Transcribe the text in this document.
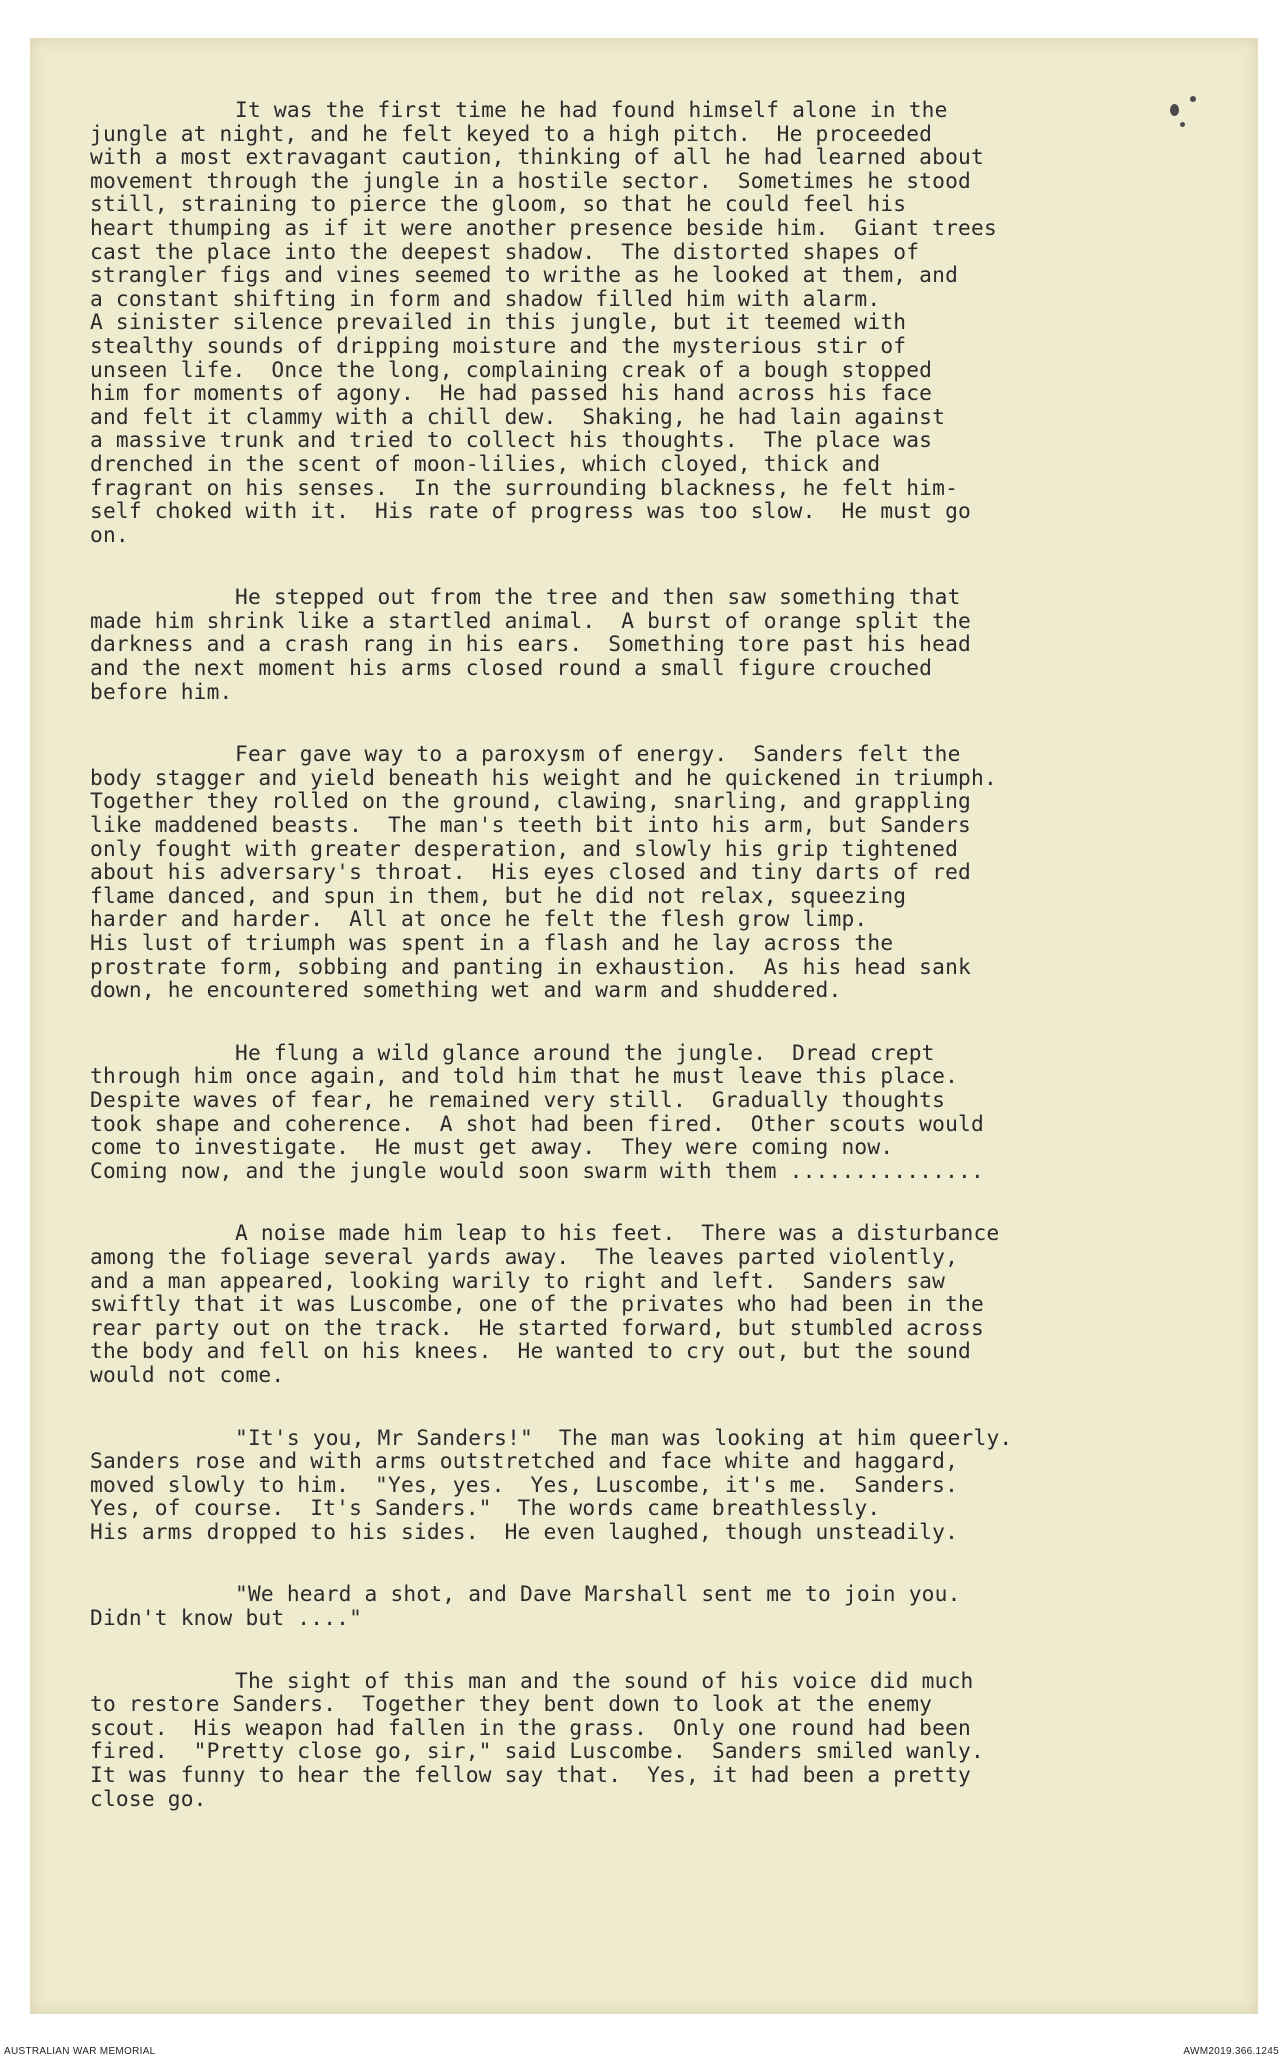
It was the first time he had found himself alone in the
jungle at night, and he felt keyed to a high pitch.  He proceeded
with a most extravagant caution, thinking of all he had learned about
movement through the jungle in a hostile sector.  Sometimes he stood
still, straining to pierce the gloom, so that he could feel his
heart thumping as if it were another presence beside him.  Giant trees
cast the place into the deepest shadow.  The distorted shapes of
strangler figs and vines seemed to writhe as he looked at them, and
a constant shifting in form and shadow filled him with alarm.
A sinister silence prevailed in this jungle, but it teemed with
stealthy sounds of dripping moisture and the mysterious stir of
unseen life.  Once the long, complaining creak of a bough stopped
him for moments of agony.  He had passed his hand across his face
and felt it clammy with a chill dew.  Shaking, he had lain against
a massive trunk and tried to collect his thoughts.  The place was
drenched in the scent of moon-lilies, which cloyed, thick and
fragrant on his senses.  In the surrounding blackness, he felt him-
self choked with it.  His rate of progress was too slow.  He must go
on.
He stepped out from the tree and then saw something that
made him shrink like a startled animal.  A burst of orange split the
darkness and a crash rang in his ears.  Something tore past his head
and the next moment his arms closed round a small figure crouched
before him.
Fear gave way to a paroxysm of energy.  Sanders felt the
body stagger and yield beneath his weight and he quickened in triumph.
Together they rolled on the ground, clawing, snarling, and grappling
like maddened beasts.  The man's teeth bit into his arm, but Sanders
only fought with greater desperation, and slowly his grip tightened
about his adversary's throat.  His eyes closed and tiny darts of red
flame danced, and spun in them, but he did not relax, squeezing
harder and harder.  All at once he felt the flesh grow limp.
His lust of triumph was spent in a flash and he lay across the
prostrate form, sobbing and panting in exhaustion.  As his head sank
down, he encountered something wet and warm and shuddered.
He flung a wild glance around the jungle.  Dread crept
through him once again, and told him that he must leave this place.
Despite waves of fear, he remained very still.  Gradually thoughts
took shape and coherence.  A shot had been fired.  Other scouts would
come to investigate.  He must get away.  They were coming now.
Coming now, and the jungle would soon swarm with them ...............
A noise made him leap to his feet.  There was a disturbance
among the foliage several yards away.  The leaves parted violently,
and a man appeared, looking warily to right and left.  Sanders saw
swiftly that it was Luscombe, one of the privates who had been in the
rear party out on the track.  He started forward, but stumbled across
the body and fell on his knees.  He wanted to cry out, but the sound
would not come.
"It's you, Mr Sanders!"  The man was looking at him queerly.
Sanders rose and with arms outstretched and face white and haggard,
moved slowly to him.  "Yes, yes.  Yes, Luscombe, it's me.  Sanders.
Yes, of course.  It's Sanders."  The words came breathlessly.
His arms dropped to his sides.  He even laughed, though unsteadily.
"We heard a shot, and Dave Marshall sent me to join you.
Didn't know but ...."
The sight of this man and the sound of his voice did much
to restore Sanders.  Together they bent down to look at the enemy
scout.  His weapon had fallen in the grass.  Only one round had been
fired.  "Pretty close go, sir," said Luscombe.  Sanders smiled wanly.
It was funny to hear the fellow say that.  Yes, it had been a pretty
close go.
AUSTRALIAN WAR MEMORIAL	AWM2019.366.1245
